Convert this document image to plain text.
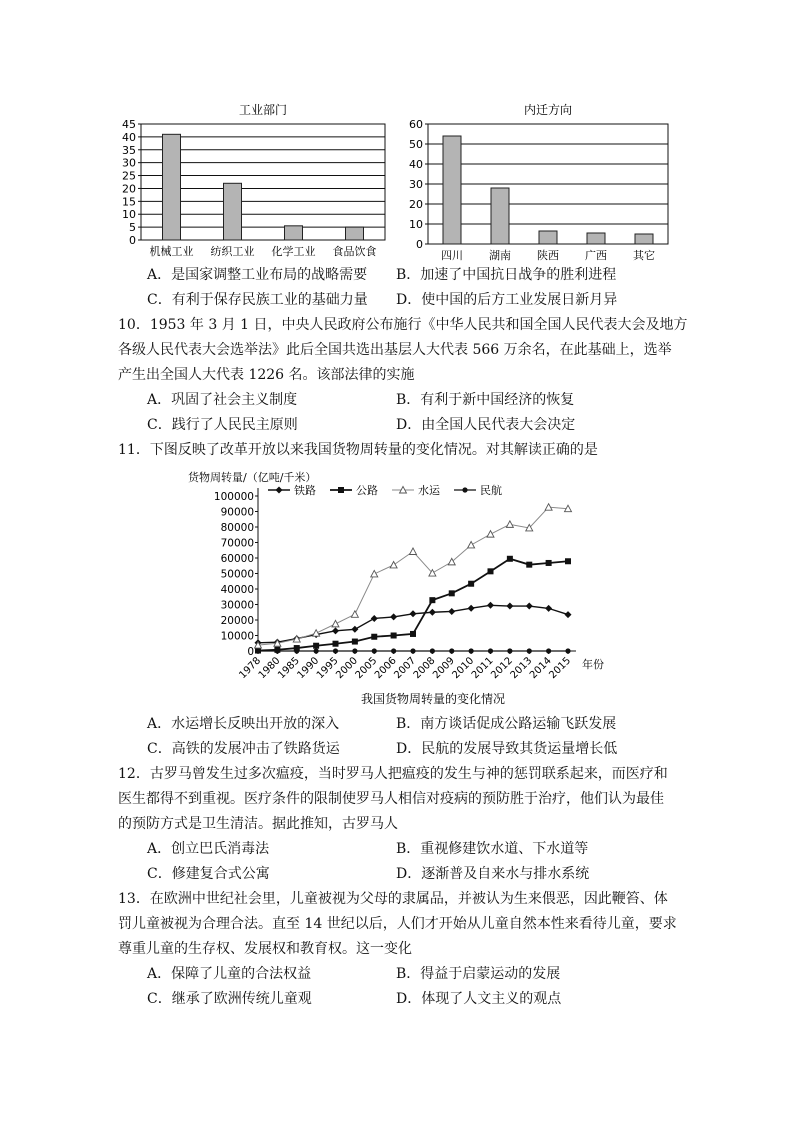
工业部门
0
5
10
15
20
25
30
35
40
45
机械工业 纺织工业 化学工业 食品饮食
内迁方向
0
10
20
30
40
50
60
四川 湖南 陕西 广西 其它
A．是国家调整工业布局的战略需要 B．加速了中国抗日战争的胜利进程
C．有利于保存民族工业的基础力量 D．使中国的后方工业发展日新月异
10．1953 年 3 月 1 日，中央人民政府公布施行《中华人民共和国全国人民代表大会及地方
各级人民代表大会选举法》此后全国共选出基层人大代表 566 万余名，在此基础上，选举
产生出全国人大代表 1226 名。该部法律的实施
A．巩固了社会主义制度	B．有利于新中国经济的恢复
C．践行了人民民主原则	D．由全国人民代表大会决定
11．下图反映了改革开放以来我国货物周转量的变化情况。对其解读正确的是
货物周转量/（亿吨/千米）
0
10000
20000
30000
40000
50000
60000
70000
80000
90000
100000
1978
1980
1985
1990
1995
2000
2005
2006
2007
2008
2009
2010
2011
2012
2013
2014
2015 年份
我国货物周转量的变化情况
铁路	公路	水运	民航
A．水运增长反映出开放的深入	B．南方谈话促成公路运输飞跃发展
C．高铁的发展冲击了铁路货运	D．民航的发展导致其货运量增长低
12．古罗马曾发生过多次瘟疫，当时罗马人把瘟疫的发生与神的惩罚联系起来，而医疗和
医生都得不到重视。医疗条件的限制使罗马人相信对疫病的预防胜于治疗，他们认为最佳
的预防方式是卫生清洁。据此推知，古罗马人
A．创立巴氏消毒法	B．重视修建饮水道、下水道等
C．修建复合式公寓	D．逐渐普及自来水与排水系统
13．在欧洲中世纪社会里，儿童被视为父母的隶属品，并被认为生来偎恶，因此鞭笞、体
罚儿童被视为合理合法。直至 14 世纪以后，人们才开始从儿童自然本性来看待儿童，要求
尊重儿童的生存权、发展权和教育权。这一变化
A．保障了儿童的合法权益	B．得益于启蒙运动的发展
C．继承了欧洲传统儿童观	D．体现了人文主义的观点
